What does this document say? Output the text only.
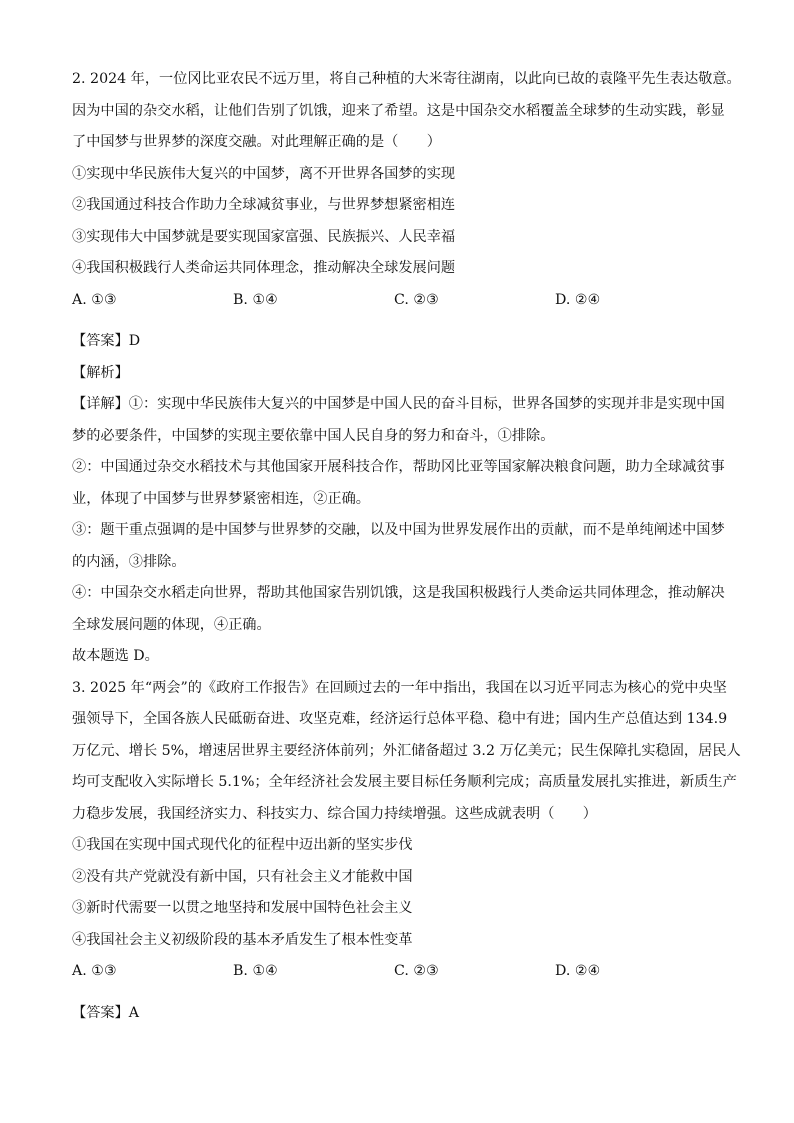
2. 2024 年，一位冈比亚农民不远万里，将自己种植的大米寄往湖南，以此向已故的袁隆平先生表达敬意。

因为中国的杂交水稻，让他们告别了饥饿，迎来了希望。这是中国杂交水稻覆盖全球梦的生动实践，彰显

了中国梦与世界梦的深度交融。对此理解正确的是（　　）

①实现中华民族伟大复兴的中国梦，离不开世界各国梦的实现

②我国通过科技合作助力全球减贫事业，与世界梦想紧密相连

③实现伟大中国梦就是要实现国家富强、民族振兴、人民幸福

④我国积极践行人类命运共同体理念，推动解决全球发展问题

A. ①③	B. ①④	C. ②③	D. ②④

【答案】D

【解析】

【详解】①：实现中华民族伟大复兴的中国梦是中国人民的奋斗目标，世界各国梦的实现并非是实现中国

梦的必要条件，中国梦的实现主要依靠中国人民自身的努力和奋斗，①排除。

②：中国通过杂交水稻技术与其他国家开展科技合作，帮助冈比亚等国家解决粮食问题，助力全球减贫事

业，体现了中国梦与世界梦紧密相连，②正确。

③：题干重点强调的是中国梦与世界梦的交融，以及中国为世界发展作出的贡献，而不是单纯阐述中国梦

的内涵，③排除。

④：中国杂交水稻走向世界，帮助其他国家告别饥饿，这是我国积极践行人类命运共同体理念，推动解决

全球发展问题的体现，④正确。

故本题选 D。

3. 2025 年“两会”的《政府工作报告》在回顾过去的一年中指出，我国在以习近平同志为核心的党中央坚

强领导下，全国各族人民砥砺奋进、攻坚克难，经济运行总体平稳、稳中有进；国内生产总值达到 134.9

万亿元、增长 5%，增速居世界主要经济体前列；外汇储备超过 3.2 万亿美元；民生保障扎实稳固，居民人

均可支配收入实际增长 5.1%；全年经济社会发展主要目标任务顺利完成；高质量发展扎实推进，新质生产

力稳步发展，我国经济实力、科技实力、综合国力持续增强。这些成就表明（　　）

①我国在实现中国式现代化的征程中迈出新的坚实步伐

②没有共产党就没有新中国，只有社会主义才能救中国

③新时代需要一以贯之地坚持和发展中国特色社会主义

④我国社会主义初级阶段的基本矛盾发生了根本性变革

A. ①③	B. ①④	C. ②③	D. ②④

【答案】A
